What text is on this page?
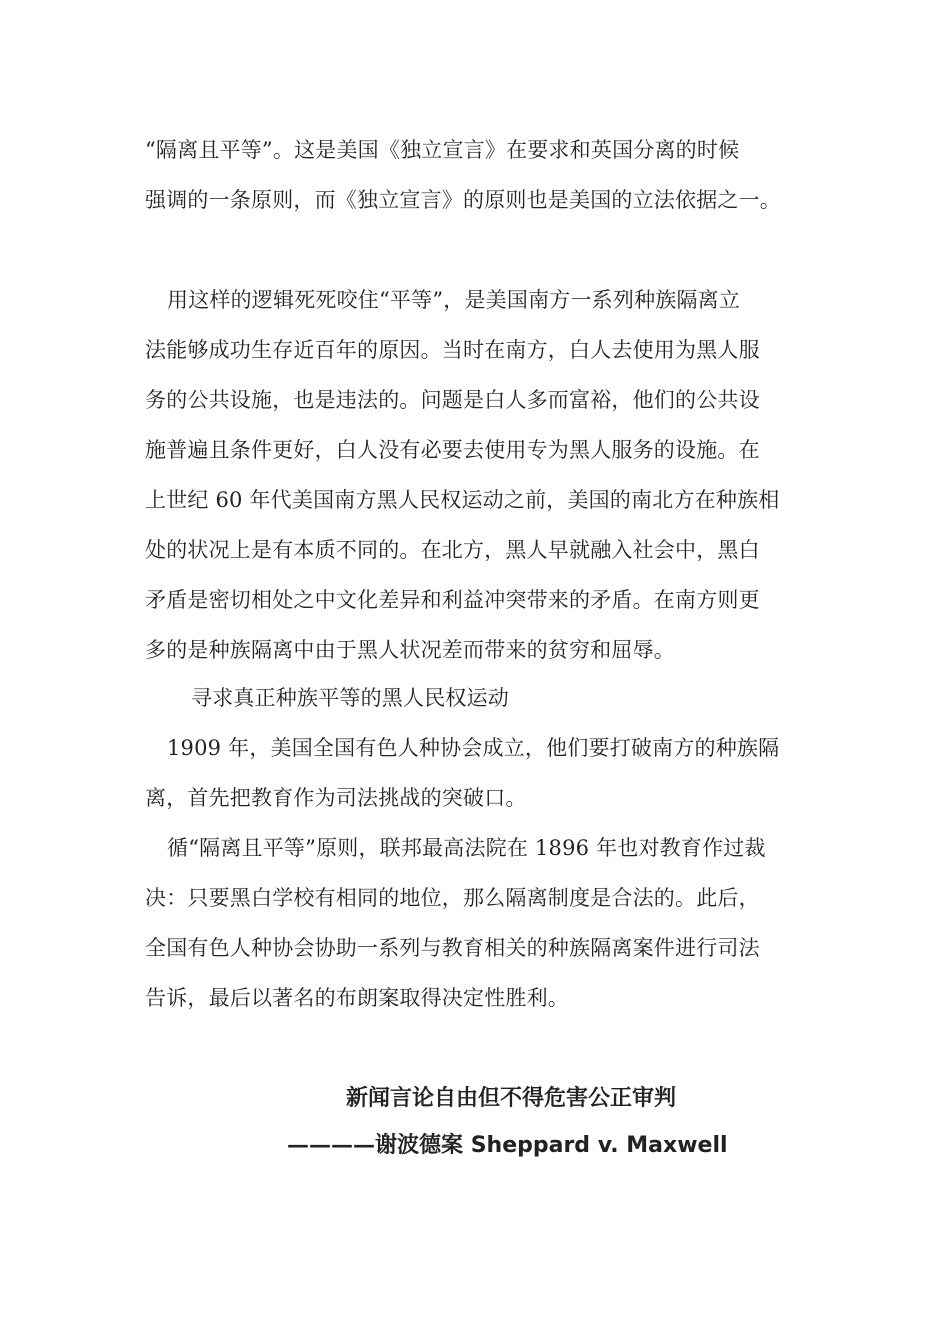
“隔离且平等”。这是美国《独立宣言》在要求和英国分离的时候
强调的一条原则，而《独立宣言》的原则也是美国的立法依据之一。
用这样的逻辑死死咬住“平等”，是美国南方一系列种族隔离立
法能够成功生存近百年的原因。当时在南方，白人去使用为黑人服
务的公共设施，也是违法的。问题是白人多而富裕，他们的公共设
施普遍且条件更好，白人没有必要去使用专为黑人服务的设施。在
上世纪 60 年代美国南方黑人民权运动之前，美国的南北方在种族相
处的状况上是有本质不同的。在北方，黑人早就融入社会中，黑白
矛盾是密切相处之中文化差异和利益冲突带来的矛盾。在南方则更
多的是种族隔离中由于黑人状况差而带来的贫穷和屈辱。
寻求真正种族平等的黑人民权运动
1909 年，美国全国有色人种协会成立，他们要打破南方的种族隔
离，首先把教育作为司法挑战的突破口。
循“隔离且平等”原则，联邦最高法院在 1896 年也对教育作过裁
决：只要黑白学校有相同的地位，那么隔离制度是合法的。此后，
全国有色人种协会协助一系列与教育相关的种族隔离案件进行司法
告诉，最后以著名的布朗案取得决定性胜利。
新闻言论自由但不得危害公正审判
————谢波德案 Sheppard v. Maxwell
